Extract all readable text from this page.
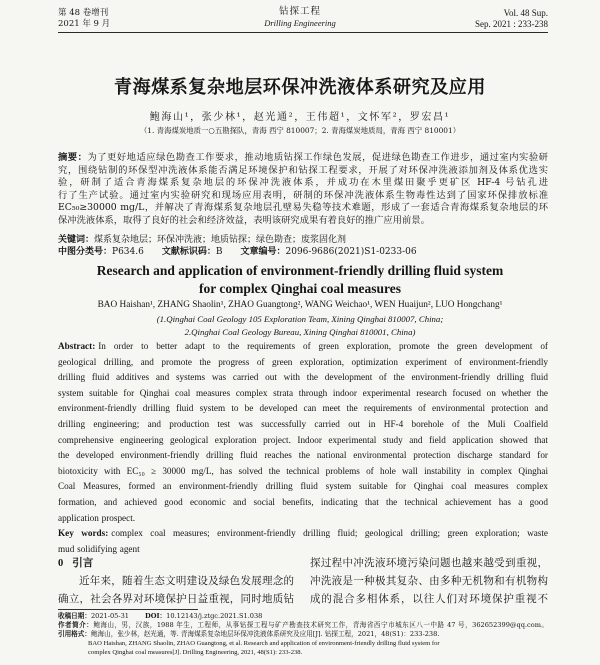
第 48 卷增刊
2021 年 9 月
钻探工程
Drilling Engineering
Vol. 48 Sup.
Sep. 2021 : 233-238
青海煤系复杂地层环保冲洗液体系研究及应用
鲍海山¹，张少林¹，赵光通²，王伟超¹，文怀军²，罗宏昌¹
（1. 青海煤炭地质一○五勘探队，青海 西宁 810007；2. 青海煤炭地质局，青海 西宁 810001）
摘要：为了更好地适应绿色勘查工作要求，推动地质钻探工作绿色发展，促进绿色勘查工作进步，通过室内实验研
究，围绕钻制的环保型冲洗液体系能否满足环境保护和钻探工程要求，开展了对环保冲洗液添加剂及体系优选实
验，研制了适合青海煤系复杂地层的环保冲洗液体系，并成功在木里煤田聚乎更矿区 HF-4 号钻孔进
行了生产试验。通过室内实验研究和现场应用表明，研制的环保冲洗液体系生物毒性达到了国家环保排放标准
EC₅₀≥30000 mg/L，并解决了青海煤系复杂地层孔壁易失稳等技术难题，形成了一套适合青海煤系复杂地层的环
保冲洗液体系，取得了良好的社会和经济效益，表明该研究成果有着良好的推广应用前景。
关键词：煤系复杂地层；环保冲洗液；地质钻探；绿色勘查；废浆固化剂
中图分类号：P634.6 文献标识码：B 文章编号：2096-9686(2021)S1-0233-06
Research and application of environment-friendly drilling fluid system
for complex Qinghai coal measures
BAO Haishan¹, ZHANG Shaolin¹, ZHAO Guangtong², WANG Weichao¹, WEN Huaijun², LUO Hongchang¹
(1.Qinghai Coal Geology 105 Exploration Team, Xining Qinghai 810007, China;
2.Qinghai Coal Geology Bureau, Xining Qinghai 810001, China)
Abstract: In order to better adapt to the requirements of green exploration, promote the green development of
geological drilling, and promote the progress of green exploration, optimization experiment of environment-friendly
drilling fluid additives and systems was carried out with the development of the environment-friendly drilling fluid
system suitable for Qinghai coal measures complex strata through indoor experimental research focused on whether the
environment-friendly drilling fluid system to be developed can meet the requirements of environmental protection and
drilling engineering; and production test was successfully carried out in HF-4 borehole of the Muli Coalfield
comprehensive engineering geological exploration project. Indoor experimental study and field application showed that
the developed environment-friendly drilling fluid reaches the national environmental protection discharge standard for
biotoxicity with EC₅₀ ≥ 30000 mg/L, has solved the technical problems of hole wall instability in complex Qinghai
Coal Measures, formed an environment-friendly drilling fluid system suitable for Qinghai coal measures complex
formation, and achieved good economic and social benefits, indicating that the technical achievement has a good
application prospect.
Key words: complex coal measures; environment-friendly drilling fluid; geological drilling; green exploration; waste
mud solidifying agent
0 引言
近年来，随着生态文明建设及绿色发展理念的
确立，社会各界对环境保护日益重视，同时地质钻
探过程中冲洗液环境污染问题也越来越受到重视，
冲洗液是一种极其复杂、由多种无机物和有机物构
成的混合多相体系，以往人们对环境保护重视不
收稿日期：2021-05-31 DOI：10.12143/j.ztgc.2021.S1.038
作者简介：鲍海山，男，汉族，1988 年生，工程师，从事钻探工程与矿产勘查技术研究工作，青海省西宁市城东区八一中路 47 号，362652399@qq.com。
引用格式：鲍海山，张少林，赵光通，等. 青海煤系复杂地层环保冲洗液体系研究及应用[J]. 钻探工程，2021，48(S1)：233-238.
BAO Haishan, ZHANG Shaolin, ZHAO Guangtong, et al. Research and application of environment-friendly drilling fluid system for
complex Qinghai coal measures[J]. Drilling Engineering, 2021, 48(S1): 233-238.
